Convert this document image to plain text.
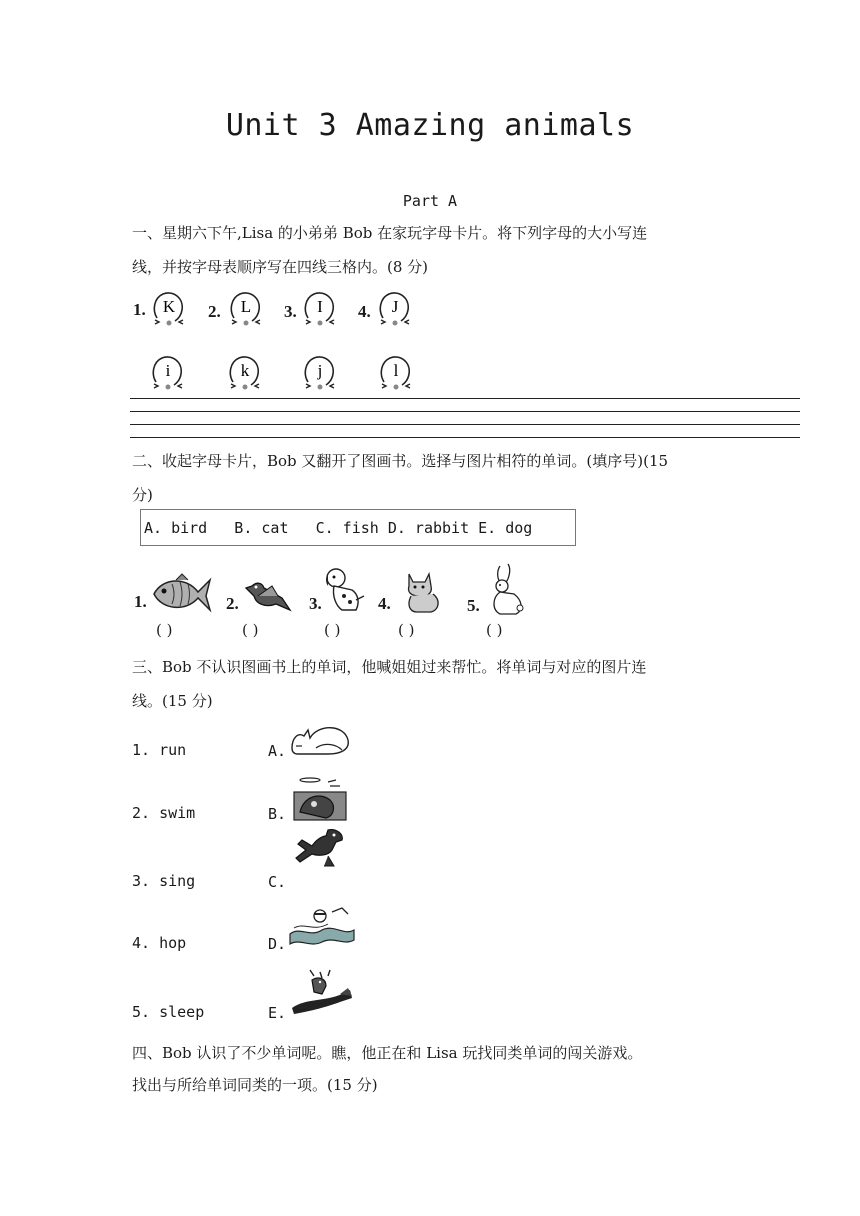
Unit 3 Amazing animals
Part A
一、星期六下午,Lisa 的小弟弟 Bob 在家玩字母卡片。将下列字母的大小写连
线，并按字母表顺序写在四线三格内。(8 分)
1. K 2. L 3. I 4. J
i	k	j	l
二、收起字母卡片，Bob 又翻开了图画书。选择与图片相符的单词。(填序号)(15
分)
A. bird   B. cat   C. fish D. rabbit E. dog
1.	2.	3.	4.	5.
( )	( )	( )	( )	( )
三、Bob 不认识图画书上的单词，他喊姐姐过来帮忙。将单词与对应的图片连
线。(15 分)
1. run
2. swim
3. sing
4. hop
5. sleep
A.
B.
C.
D.
E.
四、Bob 认识了不少单词呢。瞧，他正在和 Lisa 玩找同类单词的闯关游戏。
找出与所给单词同类的一项。(15 分)
